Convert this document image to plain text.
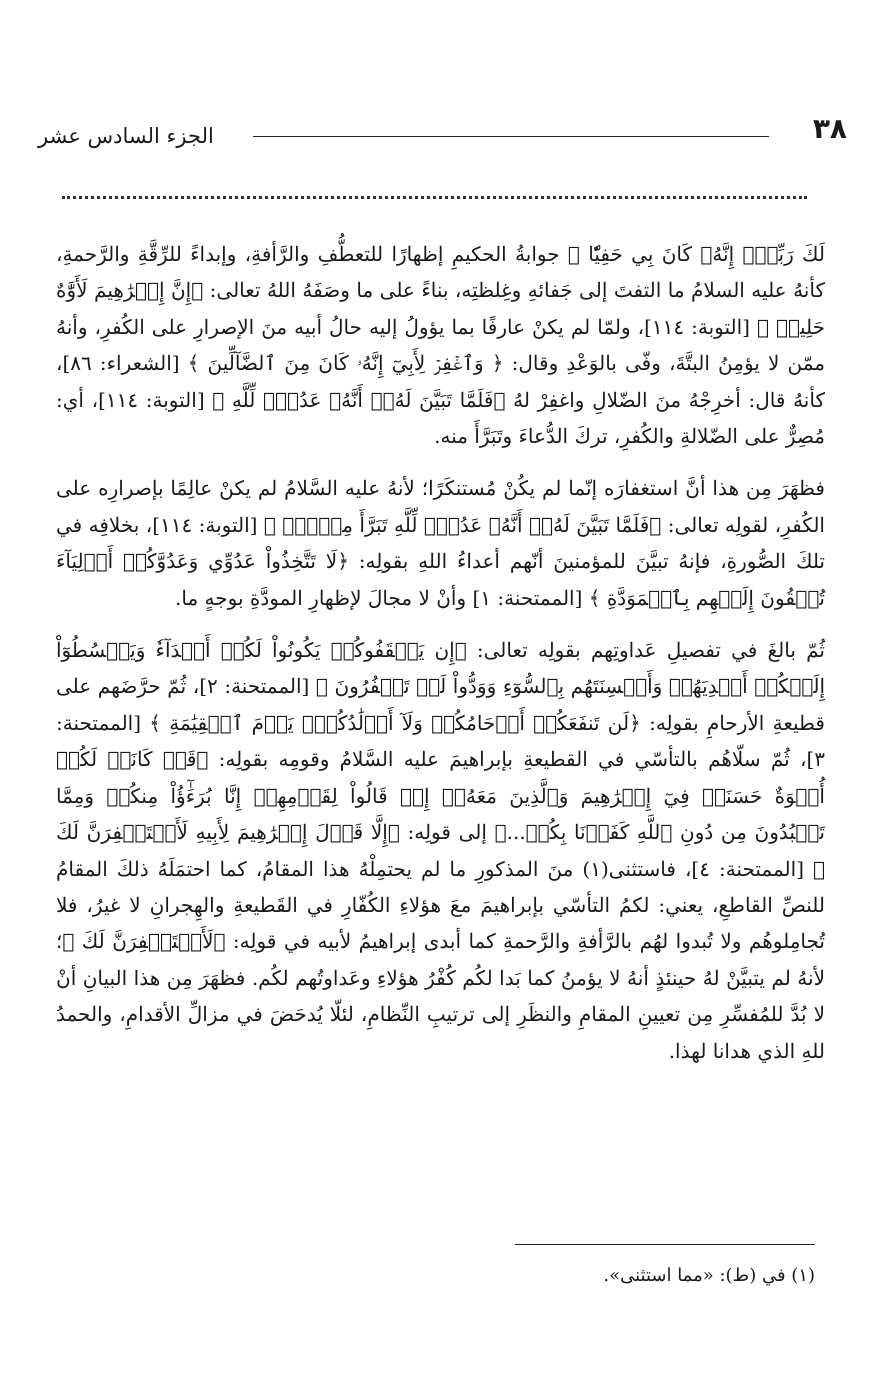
٣٨
الجزء السادس عشر

لَكَ رَبِّيٓۖ إِنَّهُۥ كَانَ بِي حَفِيّٗا ﴾ جوابةُ الحكيمِ إظهارًا للتعطُّفِ والرَّأفةِ، وإبداءً للرِّقَّةِ والرَّحمةِ، كأنهُ عليه السلامُ ما التفتَ إلى جَفائهِ وغِلظتِه، بناءً على ما وصَفَهُ اللهُ تعالى: ﴿إِنَّ إِبۡرَٰهِيمَ لَأَوَّٰهٌ حَلِيمٞ ﴾ [التوبة: ١١٤]، ولمّا لم يكنْ عارفًا بما يؤولُ إليه حالُ أبيه منَ الإصرارِ على الكُفرِ، وأنهُ ممّن لا يؤمِنُ البتَّةَ، وفّى بالوَعْدِ وقال: ﴿ وَٱغۡفِرۡ لِأَبِيٓ إِنَّهُۥ كَانَ مِنَ ٱلضَّآلِّينَ ﴾ [الشعراء: ٨٦]، كأنهُ قال: أخرِجْهُ منَ الضّلالِ واغفِرْ لهُ ﴿فَلَمَّا تَبَيَّنَ لَهُۥٓ أَنَّهُۥ عَدُوّٞ لِّلَّهِ ﴾ [التوبة: ١١٤]، أي: مُصِرٌّ على الضّلالةِ والكُفرِ، تركَ الدُّعاءَ وتَبَرَّأَ منه.

فظهَرَ مِن هذا أنَّ استغفارَه إنّما لم يكُنْ مُستنكَرًا؛ لأنهُ عليه السَّلامُ لم يكنْ عالِمًا بإصرارِه على الكُفرِ، لقولِه تعالى: ﴿فَلَمَّا تَبَيَّنَ لَهُۥٓ أَنَّهُۥ عَدُوّٞ لِّلَّهِ تَبَرَّأَ مِنۡهُۚ ﴾ [التوبة: ١١٤]، بخلافِه في تلكَ الصُّورةِ، فإنهُ تبيَّنَ للمؤمنينَ أنّهم أعداءُ اللهِ بقولِه: ﴿لَا تَتَّخِذُواْ عَدُوِّي وَعَدُوَّكُمۡ أَوۡلِيَآءَ تُلۡقُونَ إِلَيۡهِم بِٱلۡمَوَدَّةِ ﴾ [الممتحنة: ١] وأنْ لا مجالَ لإظهارِ المودَّةِ بوجهٍ ما.

ثُمّ بالغَ في تفصيلِ عَداوتِهم بقولِه تعالى: ﴿إِن يَثۡقَفُوكُمۡ يَكُونُواْ لَكُمۡ أَعۡدَآءٗ وَيَبۡسُطُوٓاْ إِلَيۡكُمۡ أَيۡدِيَهُمۡ وَأَلۡسِنَتَهُم بِٱلسُّوٓءِ وَوَدُّواْ لَوۡ تَكۡفُرُونَ ﴾ [الممتحنة: ٢]، ثُمّ حرَّضَهم على قطيعةِ الأرحامِ بقولِه: ﴿لَن تَنفَعَكُمۡ أَرۡحَامُكُمۡ وَلَآ أَوۡلَٰدُكُمۡۚ يَوۡمَ ٱلۡقِيَٰمَةِ ﴾ [الممتحنة: ٣]، ثُمّ سلّاهُم بالتأسّي في القطيعةِ بإبراهيمَ عليه السَّلامُ وقومِه بقولِه: ﴿قَدۡ كَانَتۡ لَكُمۡ أُسۡوَةٌ حَسَنَةٞ فِيٓ إِبۡرَٰهِيمَ وَٱلَّذِينَ مَعَهُۥٓ إِذۡ قَالُواْ لِقَوۡمِهِمۡ إِنَّا بُرَءَٰٓؤُاْ مِنكُمۡ وَمِمَّا تَعۡبُدُونَ مِن دُونِ ٱللَّهِ كَفَرۡنَا بِكُمۡ...﴾ إلى قولِه: ﴿إِلَّا قَوۡلَ إِبۡرَٰهِيمَ لِأَبِيهِ لَأَسۡتَغۡفِرَنَّ لَكَ ﴾ [الممتحنة: ٤]، فاستثنى(١) منَ المذكورِ ما لم يحتمِلْهُ هذا المقامُ، كما احتمَلَهُ ذلكَ المقامُ للنصِّ القاطعِ، يعني: لكمُ التأسّي بإبراهيمَ معَ هؤلاءِ الكُفّارِ في القَطيعةِ والهِجرانِ لا غيرُ، فلا تُجامِلوهُم ولا تُبدوا لهُم بالرَّأفةِ والرَّحمةِ كما أبدى إبراهيمُ لأبيه في قولِه: ﴿لَأَسۡتَغۡفِرَنَّ لَكَ ﴾؛ لأنهُ لم يتبيَّنْ لهُ حينئذٍ أنهُ لا يؤمنُ كما بَدا لكُم كُفْرُ هؤلاءِ وعَداوتُهم لكُم. فظهَرَ مِن هذا البيانِ أنْ لا بُدَّ للمُفسِّرِ مِن تعيينِ المقامِ والنظَرِ إلى ترتيبِ النِّظامِ، لئلّا يُدحَضَ في مزالِّ الأقدامِ، والحمدُ للهِ الذي هدانا لهذا.

(١) في (ط): «مما استثنى».
